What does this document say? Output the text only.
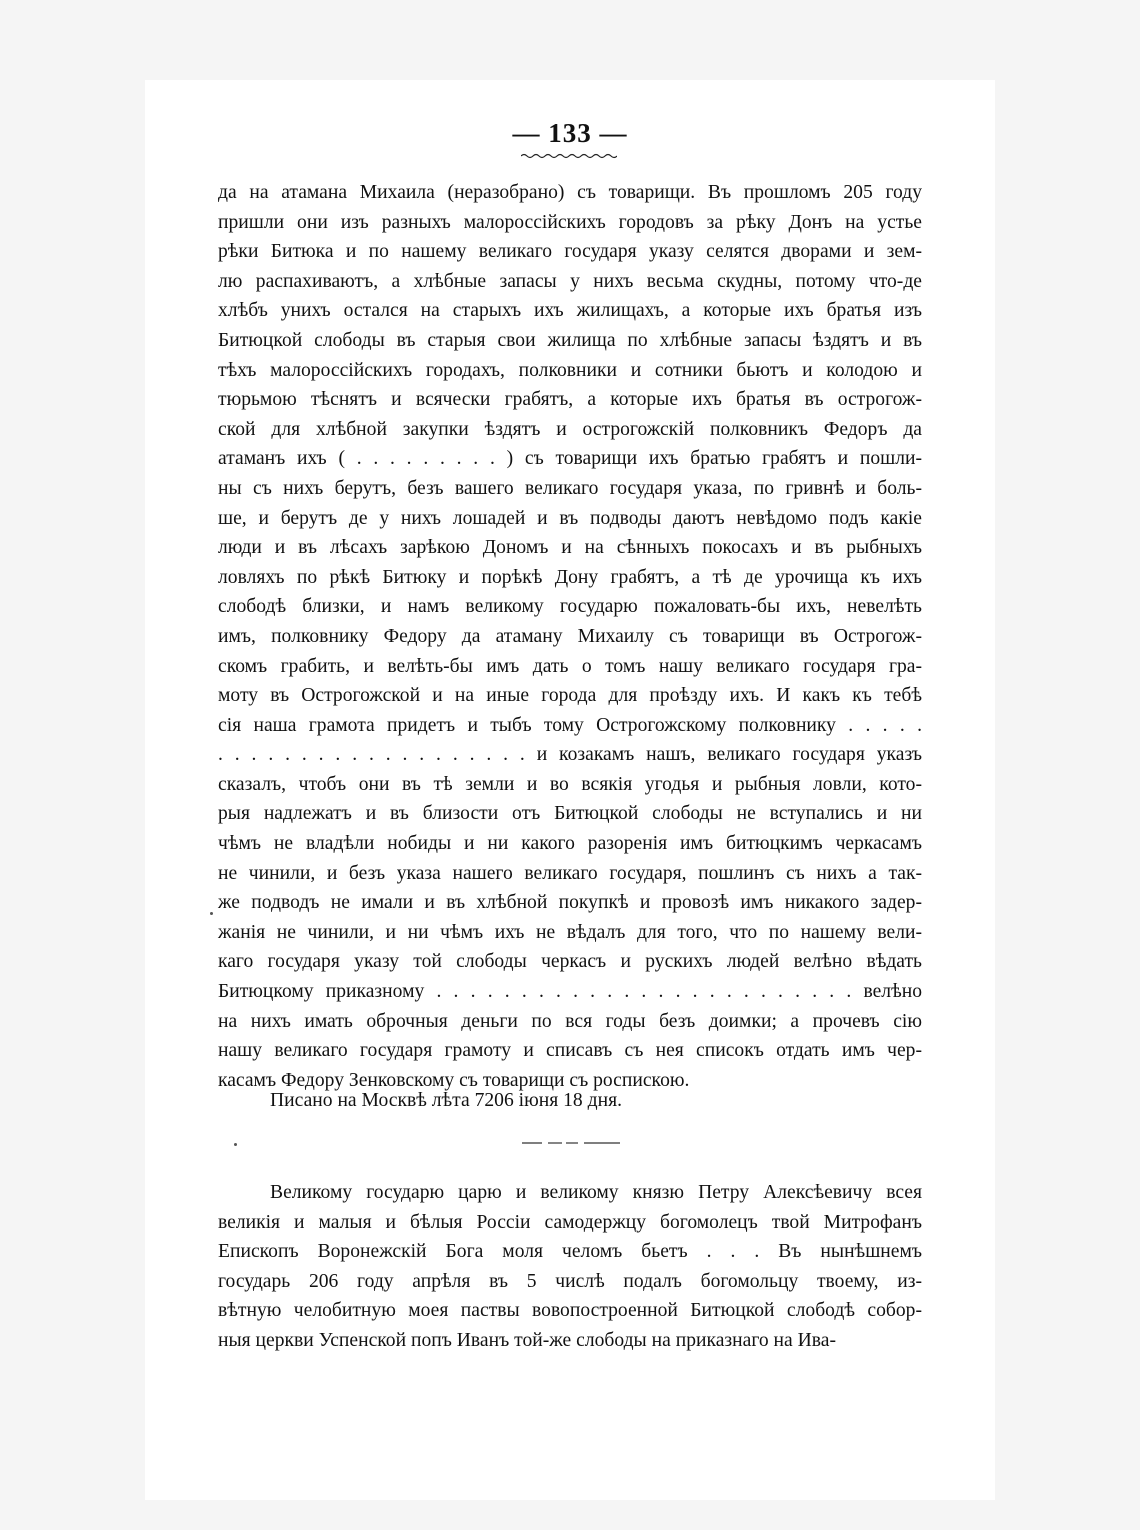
— 133 —
да на атамана Михаила (неразобрано) съ товарищи. Въ прошломъ 205 году
пришли они изъ разныхъ малороссійскихъ городовъ за рѣку Донъ на устье
рѣки Битюка и по нашему великаго государя указу селятся дворами и зем-
лю распахиваютъ, а хлѣбные запасы у нихъ весьма скудны, потому что-де
хлѣбъ унихъ остался на старыхъ ихъ жилищахъ, а которые ихъ братья изъ
Битюцкой слободы въ старыя свои жилища по хлѣбные запасы ѣздятъ и въ
тѣхъ малороссійскихъ городахъ, полковники и сотники бьютъ и колодою и
тюрьмою тѣснятъ и всячески грабятъ, а которые ихъ братья въ острогож-
ской для хлѣбной закупки ѣздятъ и острогожскій полковникъ Федоръ да
атаманъ ихъ ( . . . . . . . . . ) съ товарищи ихъ братью грабятъ и пошли-
ны съ нихъ берутъ, безъ вашего великаго государя указа, по гривнѣ и боль-
ше, и берутъ де у нихъ лошадей и въ подводы даютъ невѣдомо подъ какіе
люди и въ лѣсахъ зарѣкою Дономъ и на сѣнныхъ покосахъ и въ рыбныхъ
ловляхъ по рѣкѣ Битюку и порѣкѣ Дону грабятъ, а тѣ де урочища къ ихъ
слободѣ близки, и намъ великому государю пожаловать-бы ихъ, невелѣть
имъ, полковнику Федору да атаману Михаилу съ товарищи въ Острогож-
скомъ грабить, и велѣть-бы имъ дать о томъ нашу великаго государя гра-
моту въ Острогожской и на иные города для проѣзду ихъ. И какъ къ тебѣ
сія наша грамота придетъ и тыбъ тому Острогожскому полковнику . . . . .
. . . . . . . . . . . . . . . . . . . и козакамъ нашъ, великаго государя указъ
сказалъ, чтобъ они въ тѣ земли и во всякія угодья и рыбныя ловли, кото-
рыя надлежатъ и въ близости отъ Битюцкой слободы не вступались и ни
чѣмъ не владѣли нобиды и ни какого разоренія имъ битюцкимъ черкасамъ
не чинили, и безъ указа нашего великаго государя, пошлинъ съ нихъ а так-
же подводъ не имали и въ хлѣбной покупкѣ и провозѣ имъ никакого задер-
жанія не чинили, и ни чѣмъ ихъ не вѣдалъ для того, что по нашему вели-
каго государя указу той слободы черкасъ и рускихъ людей велѣно вѣдать
Битюцкому приказному . . . . . . . . . . . . . . . . . . . . . . . . . велѣно
на нихъ имать оброчныя деньги по вся годы безъ доимки; а прочевъ сію
нашу великаго государя грамоту и списавъ съ нея списокъ отдать имъ чер-
касамъ Федору Зенковскому съ товарищи съ роспискою.
Писано на Москвѣ лѣта 7206 іюня 18 дня.
Великому государю царю и великому князю Петру Алексѣевичу всея
великія и малыя и бѣлыя Россіи самодержцу богомолецъ твой Митрофанъ
Епископъ Воронежскій Бога моля челомъ бьетъ . . . Въ нынѣшнемъ
государь 206 году апрѣля въ 5 числѣ подалъ богомольцу твоему, из-
вѣтную челобитную моея паствы вовопостроенной Битюцкой слободѣ собор-
ныя церкви Успенской попъ Иванъ той-же слободы на приказнаго на Ива-
